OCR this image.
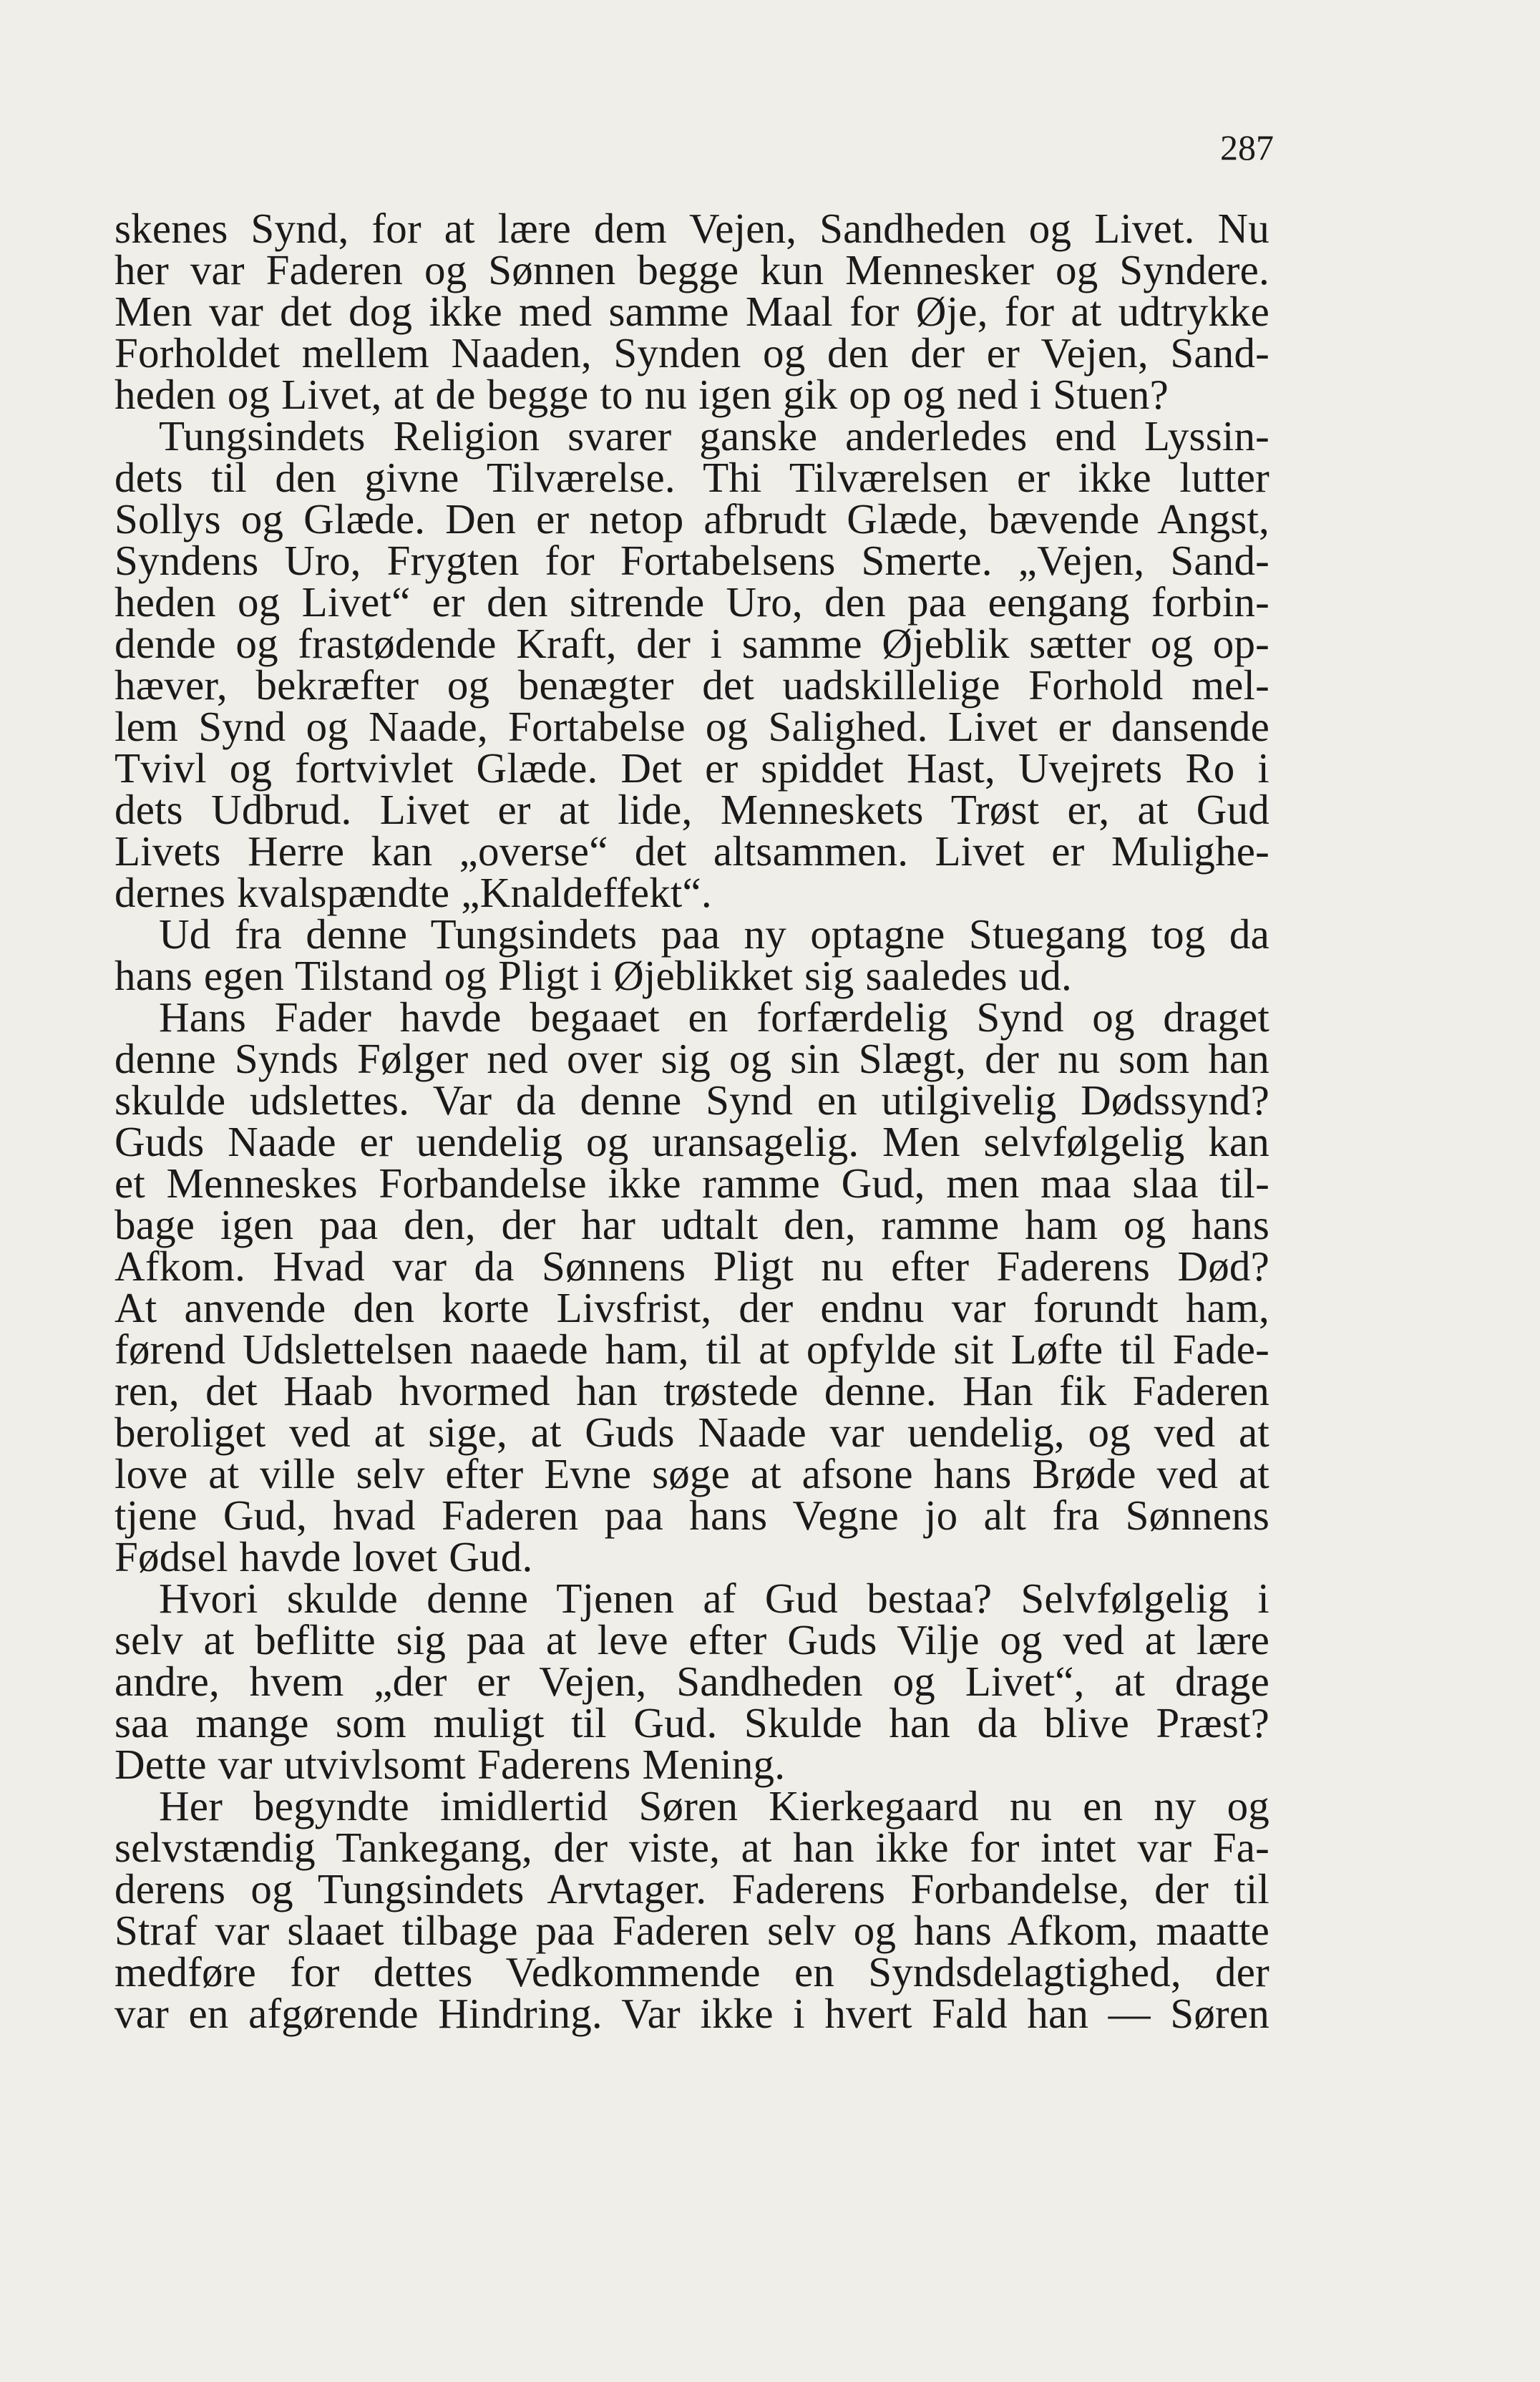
287
skenes Synd, for at lære dem Vejen, Sandheden og Livet. Nu
her var Faderen og Sønnen begge kun Mennesker og Syndere.
Men var det dog ikke med samme Maal for Øje, for at udtrykke
Forholdet mellem Naaden, Synden og den der er Vejen, Sand-
heden og Livet, at de begge to nu igen gik op og ned i Stuen?
Tungsindets Religion svarer ganske anderledes end Lyssin-
dets til den givne Tilværelse. Thi Tilværelsen er ikke lutter
Sollys og Glæde. Den er netop afbrudt Glæde, bævende Angst,
Syndens Uro, Frygten for Fortabelsens Smerte. „Vejen, Sand-
heden og Livet“ er den sitrende Uro, den paa eengang forbin-
dende og frastødende Kraft, der i samme Øjeblik sætter og op-
hæver, bekræfter og benægter det uadskillelige Forhold mel-
lem Synd og Naade, Fortabelse og Salighed. Livet er dansende
Tvivl og fortvivlet Glæde. Det er spiddet Hast, Uvejrets Ro i
dets Udbrud. Livet er at lide, Menneskets Trøst er, at Gud
Livets Herre kan „overse“ det altsammen. Livet er Mulighe-
dernes kvalspændte „Knaldeffekt“.
Ud fra denne Tungsindets paa ny optagne Stuegang tog da
hans egen Tilstand og Pligt i Øjeblikket sig saaledes ud.
Hans Fader havde begaaet en forfærdelig Synd og draget
denne Synds Følger ned over sig og sin Slægt, der nu som han
skulde udslettes. Var da denne Synd en utilgivelig Dødssynd?
Guds Naade er uendelig og uransagelig. Men selvfølgelig kan
et Menneskes Forbandelse ikke ramme Gud, men maa slaa til-
bage igen paa den, der har udtalt den, ramme ham og hans
Afkom. Hvad var da Sønnens Pligt nu efter Faderens Død?
At anvende den korte Livsfrist, der endnu var forundt ham,
førend Udslettelsen naaede ham, til at opfylde sit Løfte til Fade-
ren, det Haab hvormed han trøstede denne. Han fik Faderen
beroliget ved at sige, at Guds Naade var uendelig, og ved at
love at ville selv efter Evne søge at afsone hans Brøde ved at
tjene Gud, hvad Faderen paa hans Vegne jo alt fra Sønnens
Fødsel havde lovet Gud.
Hvori skulde denne Tjenen af Gud bestaa? Selvfølgelig i
selv at beflitte sig paa at leve efter Guds Vilje og ved at lære
andre, hvem „der er Vejen, Sandheden og Livet“, at drage
saa mange som muligt til Gud. Skulde han da blive Præst?
Dette var utvivlsomt Faderens Mening.
Her begyndte imidlertid Søren Kierkegaard nu en ny og
selvstændig Tankegang, der viste, at han ikke for intet var Fa-
derens og Tungsindets Arvtager. Faderens Forbandelse, der til
Straf var slaaet tilbage paa Faderen selv og hans Afkom, maatte
medføre for dettes Vedkommende en Syndsdelagtighed, der
var en afgørende Hindring. Var ikke i hvert Fald han — Søren
